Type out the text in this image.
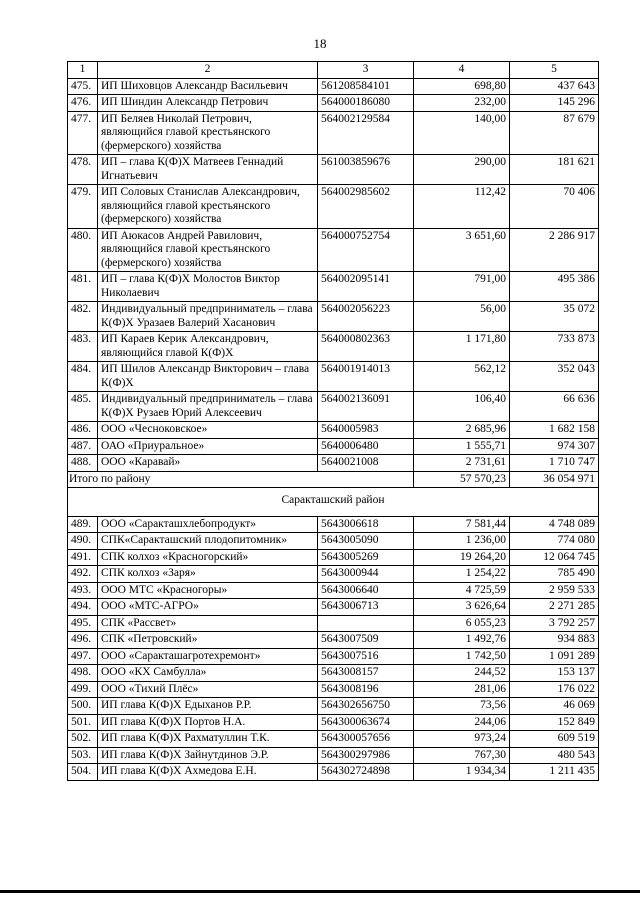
18
1	2	3	4	5
475.	ИП Шиховцов Александр Васильевич	561208584101	698,80	437 643
476.	ИП Шиндин Александр Петрович	564000186080	232,00	145 296
477.	ИП Беляев Николай Петрович, являющийся главой крестьянского (фермерского) хозяйства	564002129584	140,00	87 679
478.	ИП – глава К(Ф)Х Матвеев Геннадий Игнатьевич	561003859676	290,00	181 621
479.	ИП Соловых Станислав Александрович, являющийся главой крестьянского (фермерского) хозяйства	564002985602	112,42	70 406
480.	ИП Аюкасов Андрей Равилович, являющийся главой крестьянского (фермерского) хозяйства	564000752754	3 651,60	2 286 917
481.	ИП – глава К(Ф)Х Молостов Виктор Николаевич	564002095141	791,00	495 386
482.	Индивидуальный предприниматель – глава К(Ф)Х Уразаев Валерий Хасанович	564002056223	56,00	35 072
483.	ИП Караев Керик Александрович, являющийся главой К(Ф)Х	564000802363	1 171,80	733 873
484.	ИП Шилов Александр Викторович – глава К(Ф)Х	564001914013	562,12	352 043
485.	Индивидуальный предприниматель – глава К(Ф)Х Рузаев Юрий Алексеевич	564002136091	106,40	66 636
486.	ООО «Чесноковское»	5640005983	2 685,96	1 682 158
487.	ОАО «Приуральное»	5640006480	1 555,71	974 307
488.	ООО «Каравай»	5640021008	2 731,61	1 710 747
Итого по району			57 570,23	36 054 971
Саракташский район				
489.	ООО «Саракташхлебопродукт»	5643006618	7 581,44	4 748 089
490.	СПК«Саракташский плодопитомник»	5643005090	1 236,00	774 080
491.	СПК колхоз «Красногорский»	5643005269	19 264,20	12 064 745
492.	СПК колхоз «Заря»	5643000944	1 254,22	785 490
493.	ООО МТС «Красногоры»	5643006640	4 725,59	2 959 533
494.	ООО «МТС-АГРО»	5643006713	3 626,64	2 271 285
495.	СПК «Рассвет»		6 055,23	3 792 257
496.	СПК «Петровский»	5643007509	1 492,76	934 883
497.	ООО «Саракташагротехремонт»	5643007516	1 742,50	1 091 289
498.	ООО «КХ Самбулла»	5643008157	244,52	153 137
499.	ООО «Тихий Плёс»	5643008196	281,06	176 022
500.	ИП глава К(Ф)Х Едыханов Р.Р.	564302656750	73,56	46 069
501.	ИП глава К(Ф)Х Портов Н.А.	564300063674	244,06	152 849
502.	ИП глава К(Ф)Х Рахматуллин Т.К.	564300057656	973,24	609 519
503.	ИП глава К(Ф)Х Зайнутдинов Э.Р.	564300297986	767,30	480 543
504.	ИП глава К(Ф)Х Ахмедова Е.Н.	564302724898	1 934,34	1 211 435
